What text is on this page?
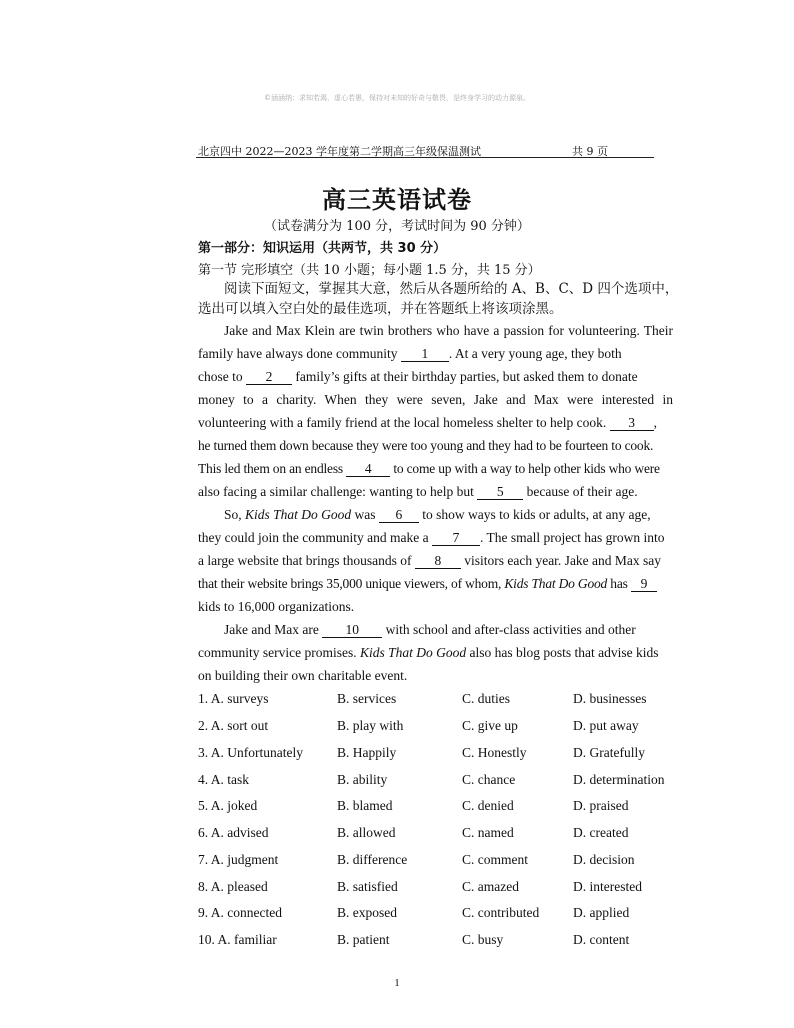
©涵涵纳：求知若渴，虚心若愚，保持对未知的好奇与敬畏，是终身学习的动力源泉。
北京四中 2022—2023 学年度第二学期高三年级保温测试	共 9 页
高三英语试卷
（试卷满分为 100 分，考试时间为 90 分钟）
第一部分：知识运用（共两节，共 30 分）
第一节 完形填空（共 10 小题；每小题 1.5 分，共 15 分）
阅读下面短文，掌握其大意，然后从各题所给的 A、B、C、D 四个选项中，
选出可以填入空白处的最佳选项，并在答题纸上将该项涂黑。
Jake and Max Klein are twin brothers who have a passion for volunteering. Their
family have always done community 1 . At a very young age, they both
chose to 2 family’s gifts at their birthday parties, but asked them to donate
money to a charity. When they were seven, Jake and Max were interested in
volunteering with a family friend at the local homeless shelter to help cook. 3 ,
he turned them down because they were too young and they had to be fourteen to cook.
This led them on an endless 4 to come up with a way to help other kids who were
also facing a similar challenge: wanting to help but 5 because of their age.
So, Kids That Do Good was 6 to show ways to kids or adults, at any age,
they could join the community and make a 7 . The small project has grown into
a large website that brings thousands of 8 visitors each year. Jake and Max say
that their website brings 35,000 unique viewers, of whom, Kids That Do Good has 9
kids to 16,000 organizations.
Jake and Max are 10 with school and after-class activities and other
community service promises. Kids That Do Good also has blog posts that advise kids
on building their own charitable event.
1. A. surveys	B. services	C. duties	D. businesses
2. A. sort out	B. play with	C. give up	D. put away
3. A. Unfortunately	B. Happily	C. Honestly	D. Gratefully
4. A. task	B. ability	C. chance	D. determination
5. A. joked	B. blamed	C. denied	D. praised
6. A. advised	B. allowed	C. named	D. created
7. A. judgment	B. difference	C. comment	D. decision
8. A. pleased	B. satisfied	C. amazed	D. interested
9. A. connected	B. exposed	C. contributed	D. applied
10. A. familiar	B. patient	C. busy	D. content
1
